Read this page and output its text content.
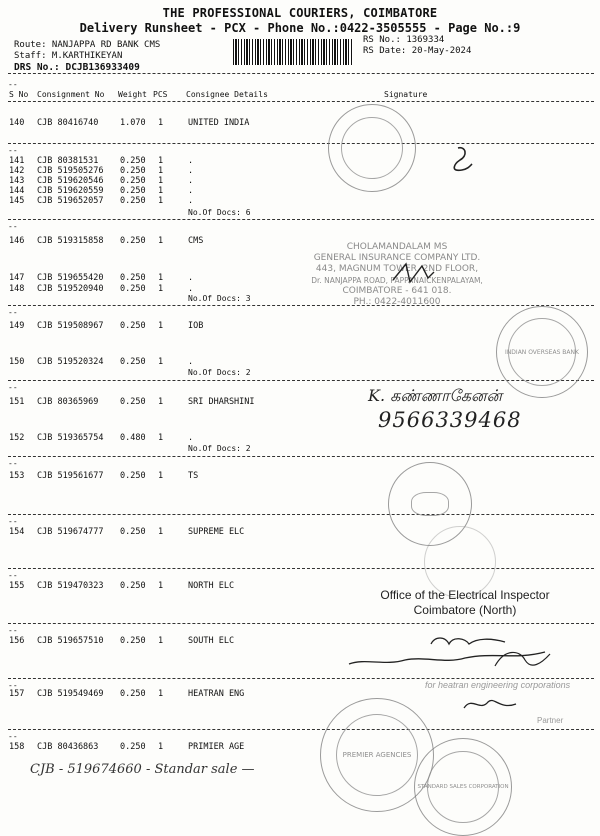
THE PROFESSIONAL COURIERS, COIMBATORE
Delivery Runsheet - PCX - Phone No.:0422-3505555 - Page No.:9
Route: NANJAPPA RD BANK CMS
Staff: M.KARTHIKEYAN
DRS No.: DCJB136933409
RS No.: 1369334
RS Date: 20-May-2024
--
S No Consignment No Weight PCS Consignee Details	Signature
140 CJB 80416740	1.070 1	UNITED INDIA
--
141 CJB 80381531	0.250 1	.
142 CJB 519505276 0.250 1	.
143 CJB 519620546 0.250 1	.
144 CJB 519620559 0.250 1	.
145 CJB 519652057 0.250 1	.
No.Of Docs: 6
--
146 CJB 519315858 0.250 1	CMS
147 CJB 519655420 0.250 1	.
148 CJB 519520940 0.250 1	.
No.Of Docs: 3
--
149 CJB 519508967 0.250 1	IOB
150 CJB 519520324 0.250 1	.
No.Of Docs: 2
--
151 CJB 80365969	0.250 1	SRI DHARSHINI
152 CJB 519365754 0.480 1	.
No.Of Docs: 2
--
153 CJB 519561677 0.250 1	TS
--
154 CJB 519674777 0.250 1	SUPREME ELC
--
155 CJB 519470323 0.250 1	NORTH ELC
--
156 CJB 519657510 0.250 1	SOUTH ELC
--
157 CJB 519549469 0.250 1	HEATRAN ENG
--
158 CJB 80436863	0.250 1	PRIMIER AGE
CHOLAMANDALAM MS
GENERAL INSURANCE COMPANY LTD.
443, MAGNUM TOWER, 2ND FLOOR,
Dr. NANJAPPA ROAD, PAPPANAICKENPALAYAM,
COIMBATORE - 641 018.
PH.: 0422-4011600
INDIAN OVERSEAS BANK
K. கண்ணாகேனன்
9566339468
Office of the Electrical Inspector
Coimbatore (North)
for heatran engineering corporations
Partner
PREMIER AGENCIES
STANDARD SALES CORPORATION
CJB - 519674660 - Standar sale —
